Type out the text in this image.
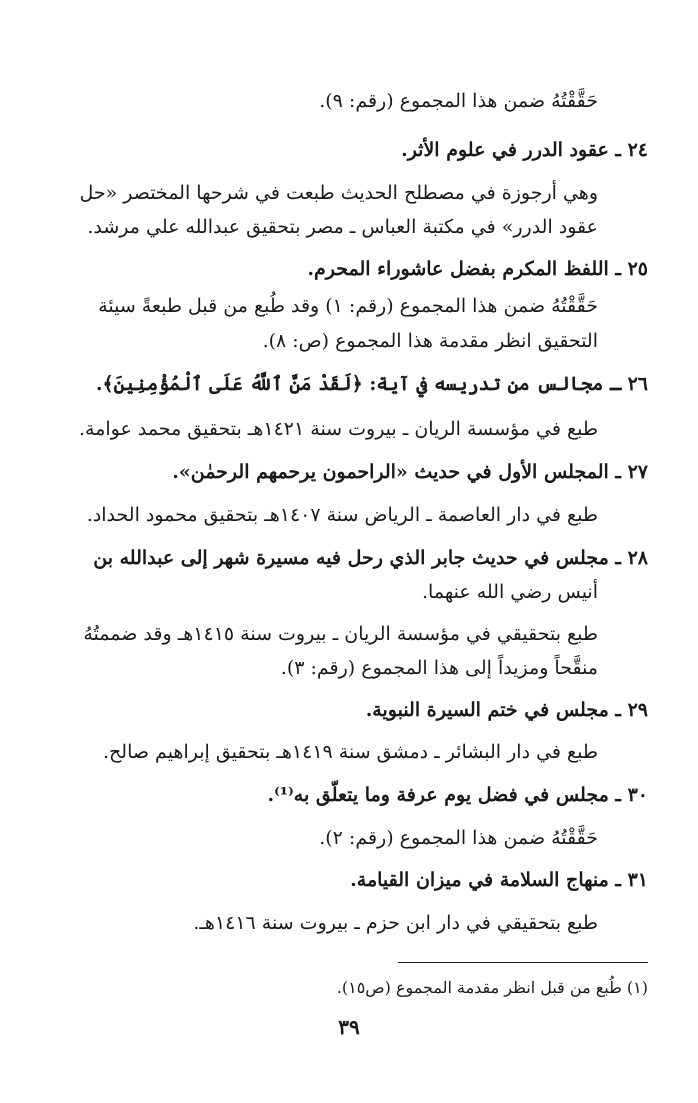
حَقَّقْتُهُ ضمن هذا المجموع (رقم: ٩).
٢٤ ـ عقود الدرر في علوم الأثر.
وهي أرجوزة في مصطلح الحديث طبعت في شرحها المختصر «حل
عقود الدرر» في مكتبة العباس ـ مصر بتحقيق عبدالله علي مرشد.
٢٥ ـ اللفظ المكرم بفضل عاشوراء المحرم.
حَقَّقْتُهُ ضمن هذا المجموع (رقم: ١) وقد طُبع من قبل طبعةً سيئة
التحقيق انظر مقدمة هذا المجموع (ص: ٨).
٢٦ ـ مجالس من تدريسه في آية: ﴿لَقَدْ مَنَّ ٱللَّهُ عَلَى ٱلْمُؤْمِنِينَ﴾.
طبع في مؤسسة الريان ـ بيروت سنة ١٤٢١هـ بتحقيق محمد عوامة.
٢٧ ـ المجلس الأول في حديث «الراحمون يرحمهم الرحمٰن».
طبع في دار العاصمة ـ الرياض سنة ١٤٠٧هـ بتحقيق محمود الحداد.
٢٨ ـ مجلس في حديث جابر الذي رحل فيه مسيرة شهر إلى عبدالله بن
أنيس رضي الله عنهما.
طبع بتحقيقي في مؤسسة الريان ـ بيروت سنة ١٤١٥هـ وقد ضممتُهُ
منقَّحاً ومزيداً إلى هذا المجموع (رقم: ٣).
٢٩ ـ مجلس في ختم السيرة النبوية.
طبع في دار البشائر ـ دمشق سنة ١٤١٩هـ بتحقيق إبراهيم صالح.
٣٠ ـ مجلس في فضل يوم عرفة وما يتعلّق به⁽¹⁾.
حَقَّقْتُهُ ضمن هذا المجموع (رقم: ٢).
٣١ ـ منهاج السلامة في ميزان القيامة.
طبع بتحقيقي في دار ابن حزم ـ بيروت سنة ١٤١٦هـ.
(١) طُبع من قبل انظر مقدمة المجموع (ص١٥).
٣٩
